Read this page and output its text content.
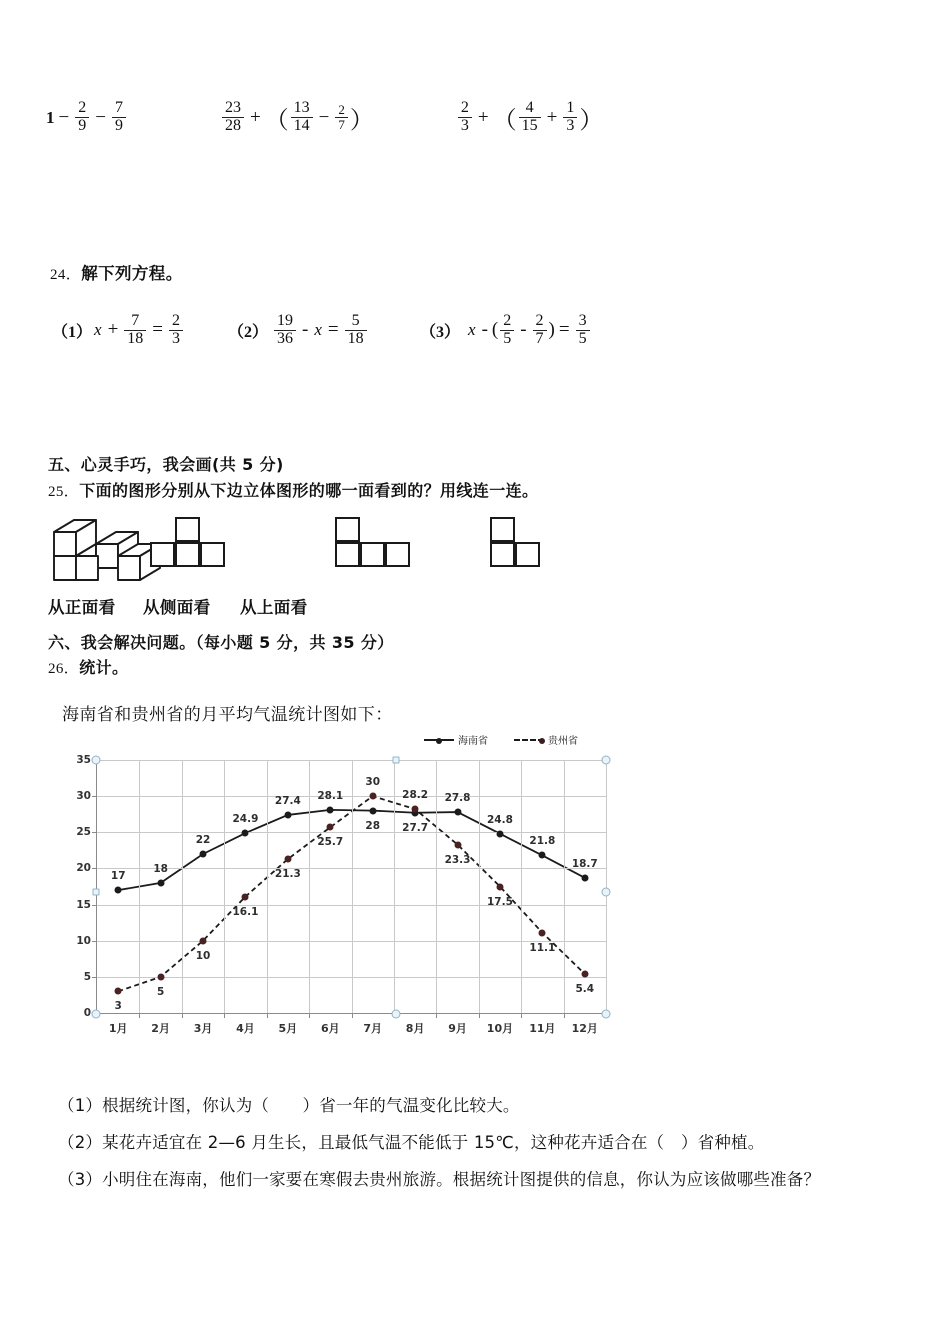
$1 - \frac{2}{9} - \frac{7}{9}$	$\frac{23}{28}$ + （ $\frac{13}{14} - \frac{2}{7}$ ）	$\frac{2}{3}$ + （ $\frac{4}{15} + \frac{1}{3}$ ）
24．解下列方程。
（1） $x + \frac{7}{18} = \frac{2}{3}$	$(2) \frac{19}{36} - x = \frac{5}{18}$	（3） x - ( $\frac{2}{5} - \frac{2}{7}$ ) = $\frac{3}{5}$
五、心灵手巧，我会画(共 5 分)
25．下面的图形分别从下边立体图形的哪一面看到的？用线连一连。
从正面看 从侧面看 从上面看
六、我会解决问题。（每小题 5 分，共 35 分）
26．统计。
海南省和贵州省的月平均气温统计图如下：
海南省	贵州省
0
5
10
15
20
25
30
35
1月 2月 3月 4月 5月 6月 7月 8月 9月 10月 11月 12月
17
18
22
24.9
27.4 28.1
28 27.7
27.8
24.8
21.8
18.7
3
5
10
16.1
21.3
25.7
30
28.2
23.3
17.5
11.1
5.4
（1）根据统计图，你认为（　　）省一年的气温变化比较大。
（2）某花卉适宜在 2—6 月生长，且最低气温不能低于 15℃，这种花卉适合在（　）省种植。
（3）小明住在海南，他们一家要在寒假去贵州旅游。根据统计图提供的信息，你认为应该做哪些准备？
